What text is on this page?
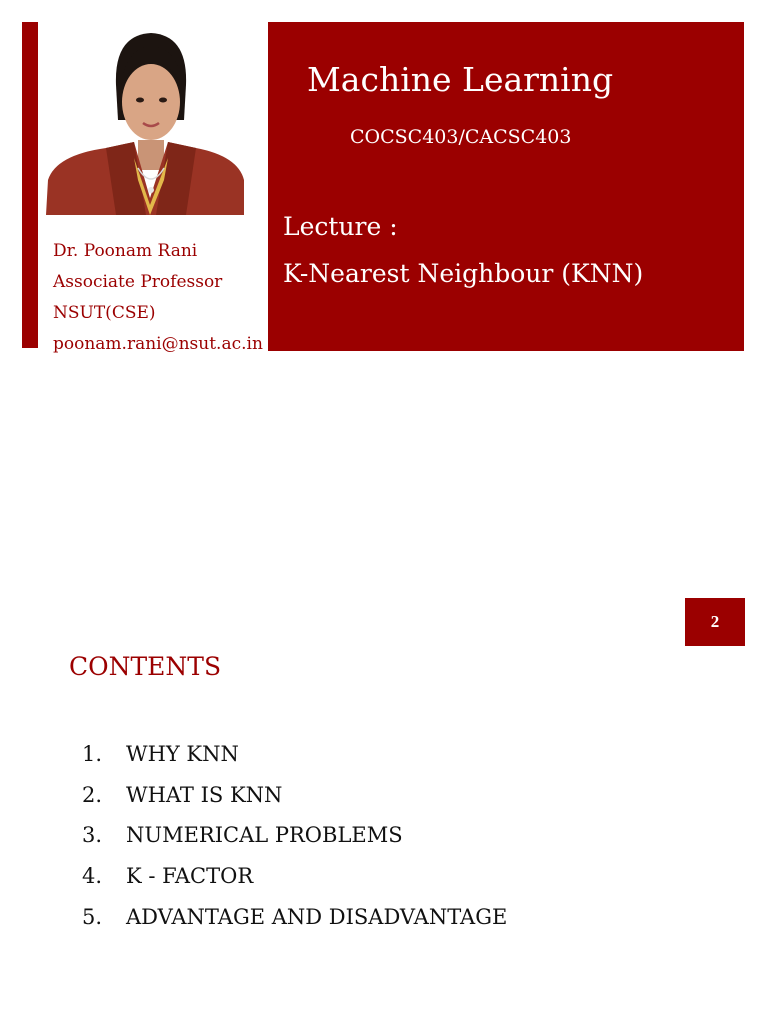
Dr. Poonam Rani
Associate Professor
NSUT(CSE)
poonam.rani@nsut.ac.in
Machine Learning
COCSC403/CACSC403
Lecture :
K-Nearest Neighbour (KNN)
2
CONTENTS
1. WHY KNN
2. WHAT IS KNN
3. NUMERICAL PROBLEMS
4. K - FACTOR
5. ADVANTAGE AND DISADVANTAGE
